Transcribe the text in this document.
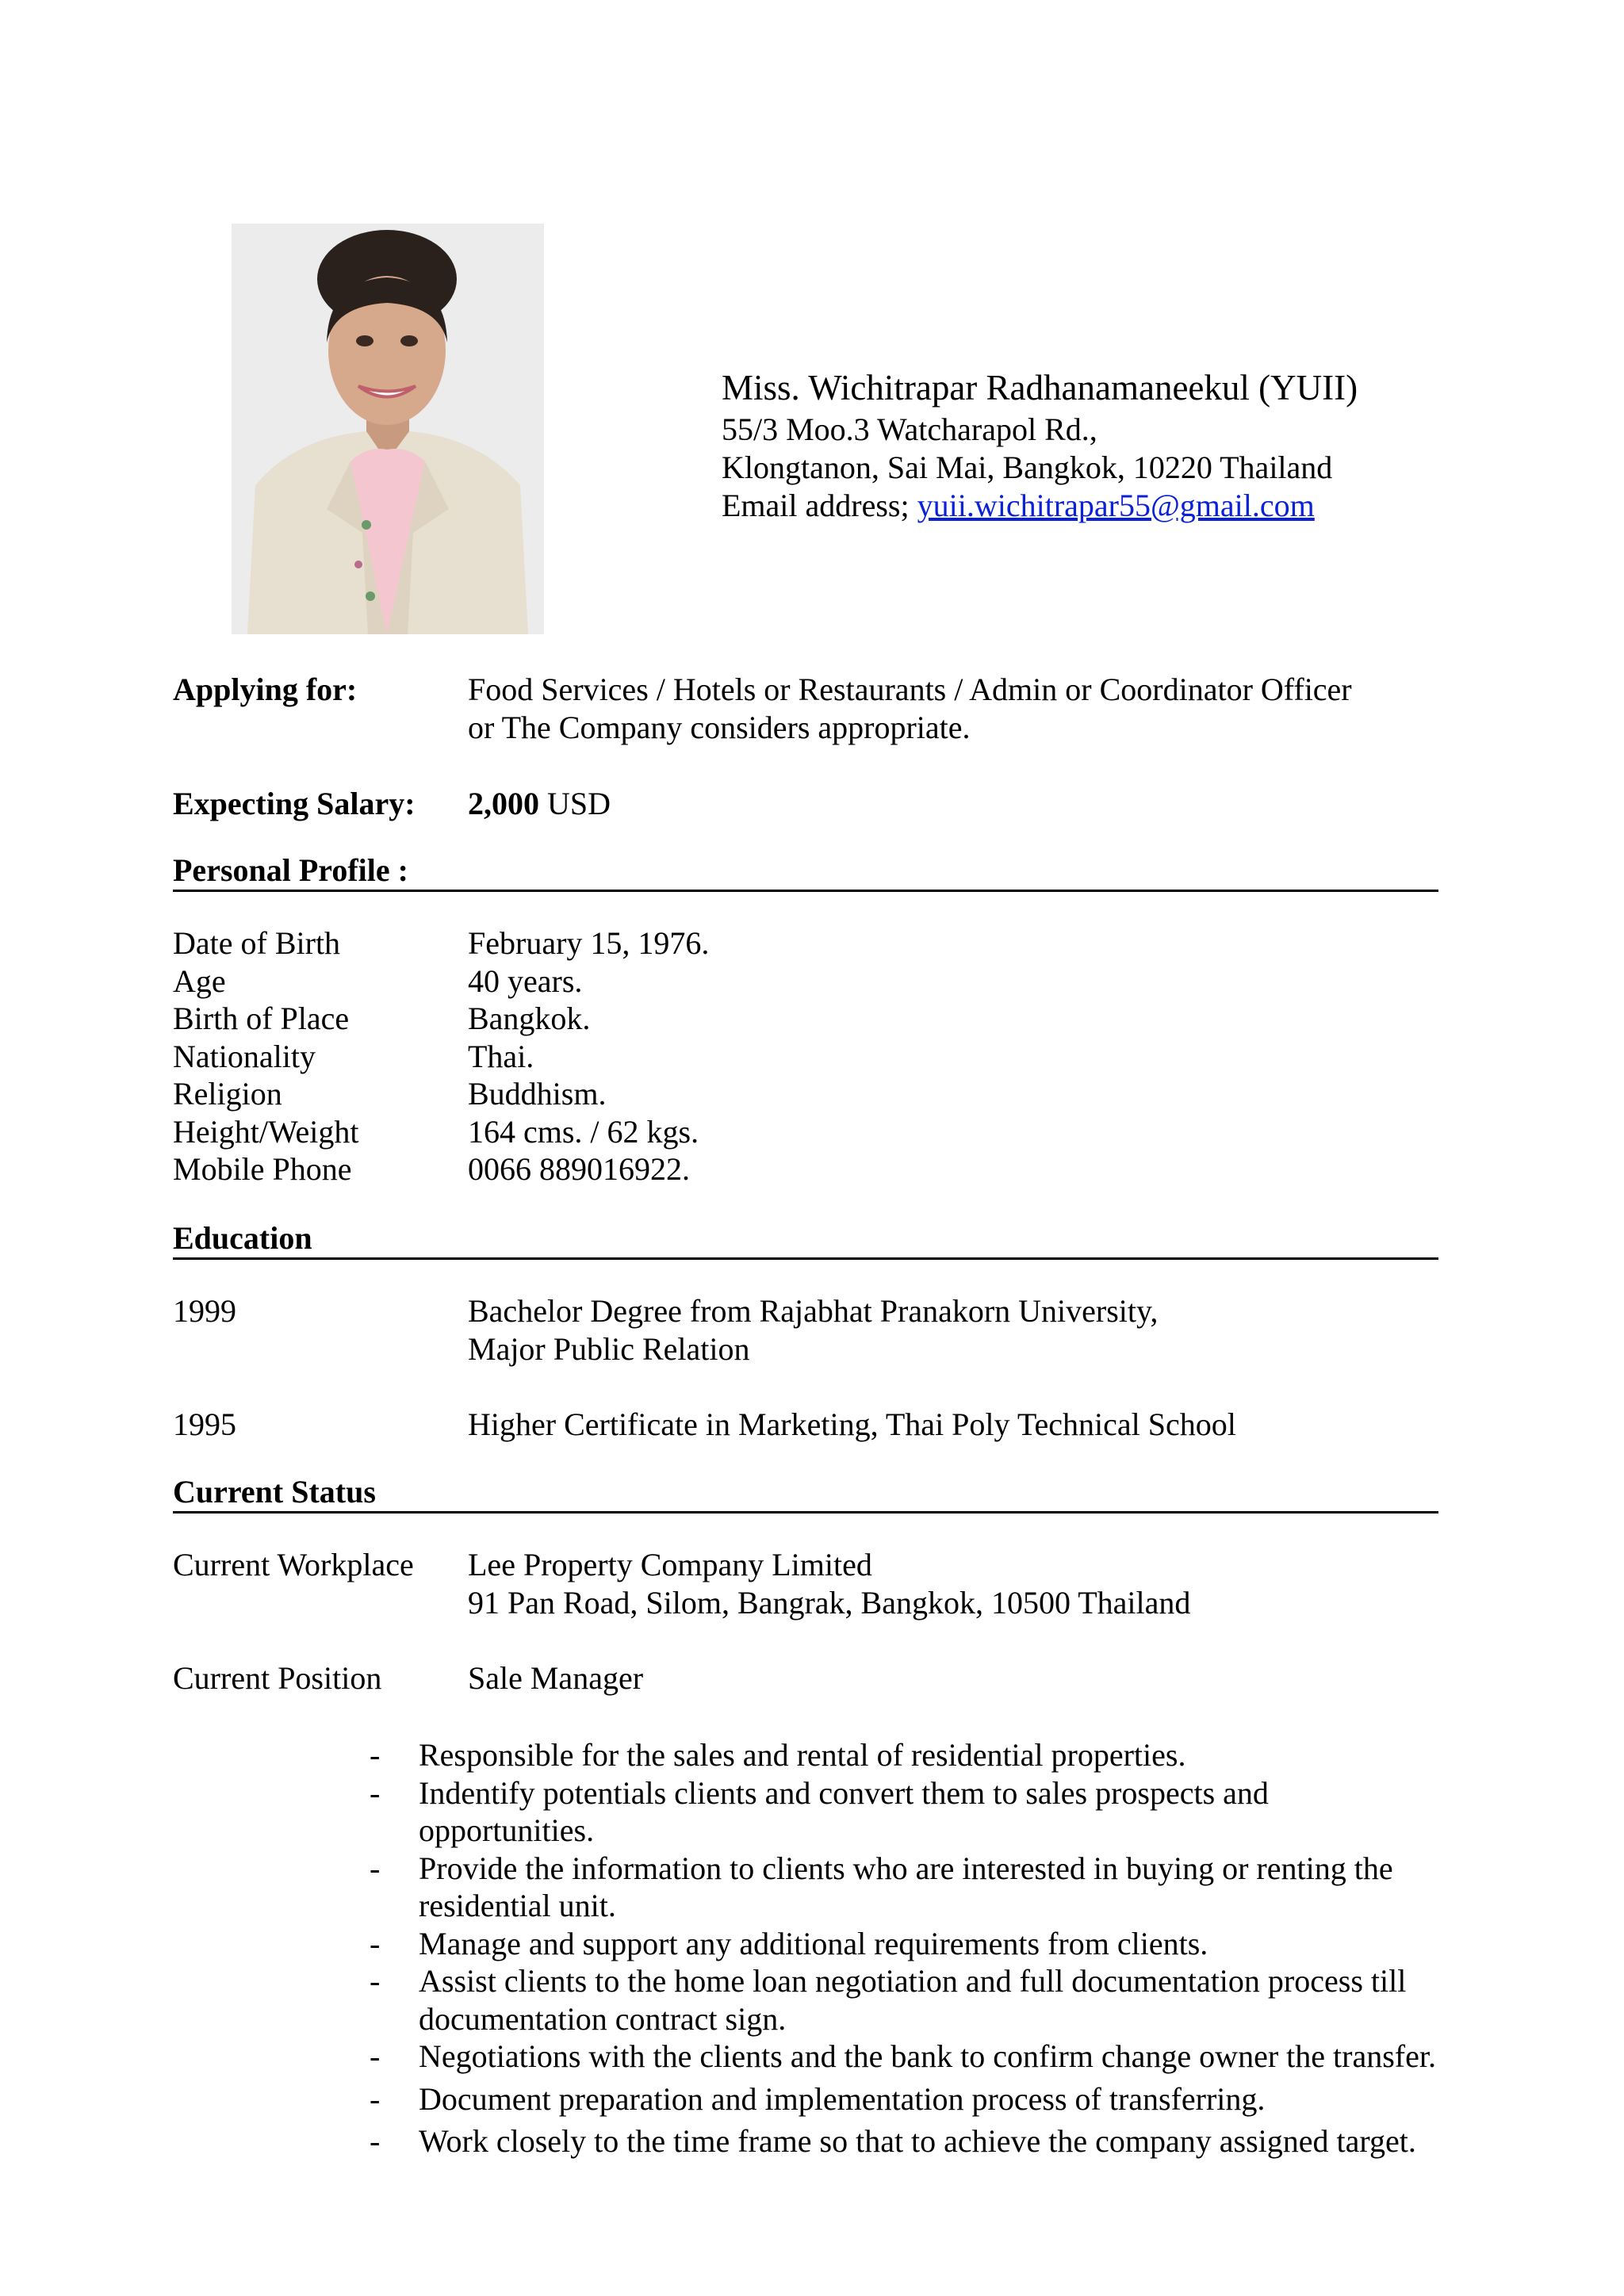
Miss. Wichitrapar Radhanamaneekul (YUII)
55/3 Moo.3 Watcharapol Rd.,
Klongtanon, Sai Mai, Bangkok, 10220 Thailand
Email address; yuii.wichitrapar55@gmail.com
Applying for:	Food Services / Hotels or Restaurants / Admin or Coordinator Officer
or The Company considers appropriate.
Expecting Salary: 2,000 USD
Personal Profile :
Date of Birth	February 15, 1976.
Age	40 years.
Birth of Place	Bangkok.
Nationality	Thai.
Religion	Buddhism.
Height/Weight	164 cms. / 62 kgs.
Mobile Phone	0066 889016922.
Education
1999	Bachelor Degree from Rajabhat Pranakorn University,
Major Public Relation
1995	Higher Certificate in Marketing, Thai Poly Technical School
Current Status
Current Workplace Lee Property Company Limited
91 Pan Road, Silom, Bangrak, Bangkok, 10500 Thailand
Current Position	Sale Manager
- Responsible for the sales and rental of residential properties.
- Indentify potentials clients and convert them to sales prospects and
opportunities.
- Provide the information to clients who are interested in buying or renting the
residential unit.
- Manage and support any additional requirements from clients.
- Assist clients to the home loan negotiation and full documentation process till
documentation contract sign.
- Negotiations with the clients and the bank to confirm change owner the transfer.
- Document preparation and implementation process of transferring.
- Work closely to the time frame so that to achieve the company assigned target.
